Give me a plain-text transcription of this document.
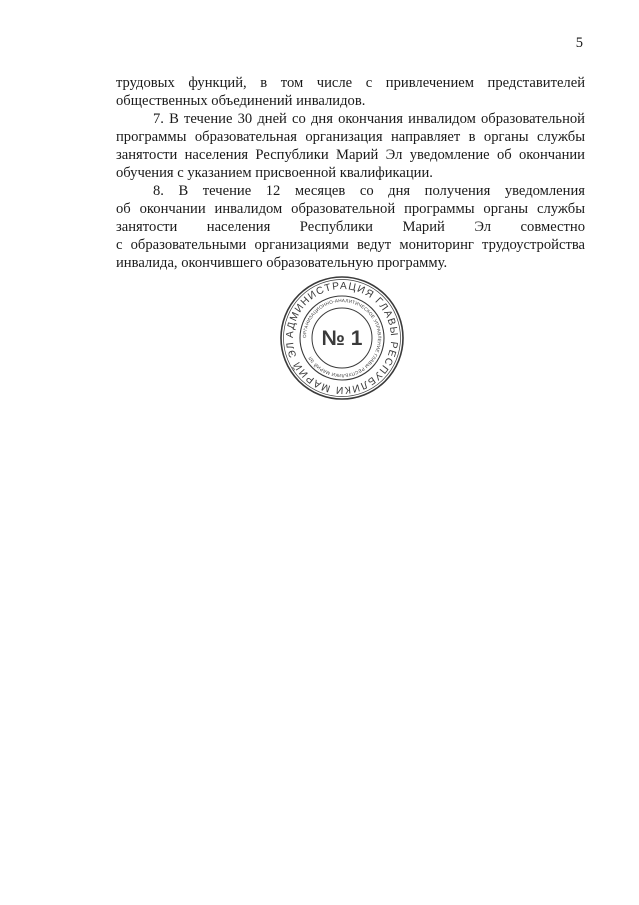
5
трудовых функций, в том числе с привлечением представителей
общественных объединений инвалидов.
7. В течение 30 дней со дня окончания инвалидом образовательной
программы образовательная организация направляет в органы службы
занятости населения Республики Марий Эл уведомление об окончании
обучения с указанием присвоенной квалификации.
8. В течение 12 месяцев со дня получения уведомления
об окончании инвалидом образовательной программы органы службы
занятости населения Республики Марий Эл совместно
с образовательными организациями ведут мониторинг трудоустройства
инвалида, окончившего образовательную программу.
АДМИНИСТРАЦИЯ ГЛАВЫ РЕСПУБЛИКИ МАРИЙ ЭЛ
ОРГАНИЗАЦИОННО-АНАЛИТИЧЕСКОЕ УПРАВЛЕНИЕ ГЛАВЫ РЕСПУБЛИКИ МАРИЙ ЭЛ
№ 1
